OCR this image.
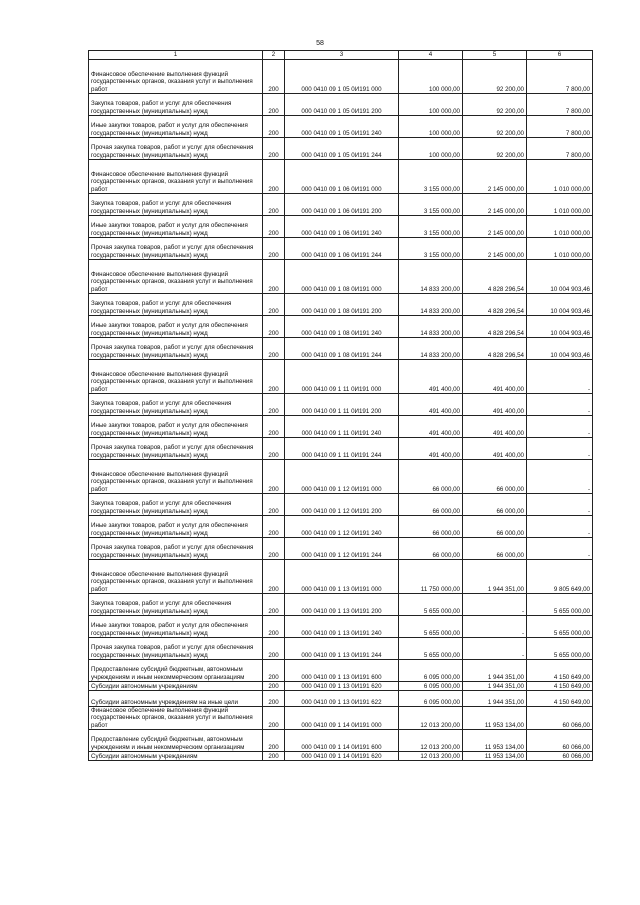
58
1	2	3	4	5	6
Финансовое обеспечение выполнения функций государственных органов, оказания услуг и выполнения работ	200	000 0410 09 1 05 0И191 000	100 000,00	92 200,00	7 800,00
Закупка товаров, работ и услуг для обеспечения государственных (муниципальных) нужд	200	000 0410 09 1 05 0И191 200	100 000,00	92 200,00	7 800,00
Иные закупки товаров, работ и услуг для обеспечения государственных (муниципальных) нужд	200	000 0410 09 1 05 0И191 240	100 000,00	92 200,00	7 800,00
Прочая закупка товаров, работ и услуг для обеспечения государственных (муниципальных) нужд	200	000 0410 09 1 05 0И191 244	100 000,00	92 200,00	7 800,00
Финансовое обеспечение выполнения функций государственных органов, оказания услуг и выполнения работ	200	000 0410 09 1 06 0И191 000	3 155 000,00	2 145 000,00	1 010 000,00
Закупка товаров, работ и услуг для обеспечения государственных (муниципальных) нужд	200	000 0410 09 1 06 0И191 200	3 155 000,00	2 145 000,00	1 010 000,00
Иные закупки товаров, работ и услуг для обеспечения государственных (муниципальных) нужд	200	000 0410 09 1 06 0И191 240	3 155 000,00	2 145 000,00	1 010 000,00
Прочая закупка товаров, работ и услуг для обеспечения государственных (муниципальных) нужд	200	000 0410 09 1 06 0И191 244	3 155 000,00	2 145 000,00	1 010 000,00
Финансовое обеспечение выполнения функций государственных органов, оказания услуг и выполнения работ	200	000 0410 09 1 08 0И191 000	14 833 200,00	4 828 296,54	10 004 903,46
Закупка товаров, работ и услуг для обеспечения государственных (муниципальных) нужд	200	000 0410 09 1 08 0И191 200	14 833 200,00	4 828 296,54	10 004 903,46
Иные закупки товаров, работ и услуг для обеспечения государственных (муниципальных) нужд	200	000 0410 09 1 08 0И191 240	14 833 200,00	4 828 296,54	10 004 903,46
Прочая закупка товаров, работ и услуг для обеспечения государственных (муниципальных) нужд	200	000 0410 09 1 08 0И191 244	14 833 200,00	4 828 296,54	10 004 903,46
Финансовое обеспечение выполнения функций государственных органов, оказания услуг и выполнения работ	200	000 0410 09 1 11 0И191 000	491 400,00	491 400,00	-
Закупка товаров, работ и услуг для обеспечения государственных (муниципальных) нужд	200	000 0410 09 1 11 0И191 200	491 400,00	491 400,00	-
Иные закупки товаров, работ и услуг для обеспечения государственных (муниципальных) нужд	200	000 0410 09 1 11 0И191 240	491 400,00	491 400,00	-
Прочая закупка товаров, работ и услуг для обеспечения государственных (муниципальных) нужд	200	000 0410 09 1 11 0И191 244	491 400,00	491 400,00	-
Финансовое обеспечение выполнения функций государственных органов, оказания услуг и выполнения работ	200	000 0410 09 1 12 0И191 000	66 000,00	66 000,00	-
Закупка товаров, работ и услуг для обеспечения государственных (муниципальных) нужд	200	000 0410 09 1 12 0И191 200	66 000,00	66 000,00	-
Иные закупки товаров, работ и услуг для обеспечения государственных (муниципальных) нужд	200	000 0410 09 1 12 0И191 240	66 000,00	66 000,00	-
Прочая закупка товаров, работ и услуг для обеспечения государственных (муниципальных) нужд	200	000 0410 09 1 12 0И191 244	66 000,00	66 000,00	-
Финансовое обеспечение выполнения функций государственных органов, оказания услуг и выполнения работ	200	000 0410 09 1 13 0И191 000	11 750 000,00	1 944 351,00	9 805 649,00
Закупка товаров, работ и услуг для обеспечения государственных (муниципальных) нужд	200	000 0410 09 1 13 0И191 200	5 655 000,00	-	5 655 000,00
Иные закупки товаров, работ и услуг для обеспечения государственных (муниципальных) нужд	200	000 0410 09 1 13 0И191 240	5 655 000,00	-	5 655 000,00
Прочая закупка товаров, работ и услуг для обеспечения государственных (муниципальных) нужд	200	000 0410 09 1 13 0И191 244	5 655 000,00	-	5 655 000,00
Предоставление субсидий бюджетным, автономным учреждениям и иным некоммерческим организациям	200	000 0410 09 1 13 0И191 600	6 095 000,00	1 944 351,00	4 150 649,00
Субсидии автономным учреждениям	200	000 0410 09 1 13 0И191 620	6 095 000,00	1 944 351,00	4 150 649,00
Субсидии автономным учреждениям на иные цели	200	000 0410 09 1 13 0И191 622	6 095 000,00	1 944 351,00	4 150 649,00
Финансовое обеспечение выполнения функций государственных органов, оказания услуг и выполнения работ	200	000 0410 09 1 14 0И191 000	12 013 200,00	11 953 134,00	60 066,00
Предоставление субсидий бюджетным, автономным учреждениям и иным некоммерческим организациям	200	000 0410 09 1 14 0И191 600	12 013 200,00	11 953 134,00	60 066,00
Субсидии автономным учреждениям	200	000 0410 09 1 14 0И191 620	12 013 200,00	11 953 134,00	60 066,00
